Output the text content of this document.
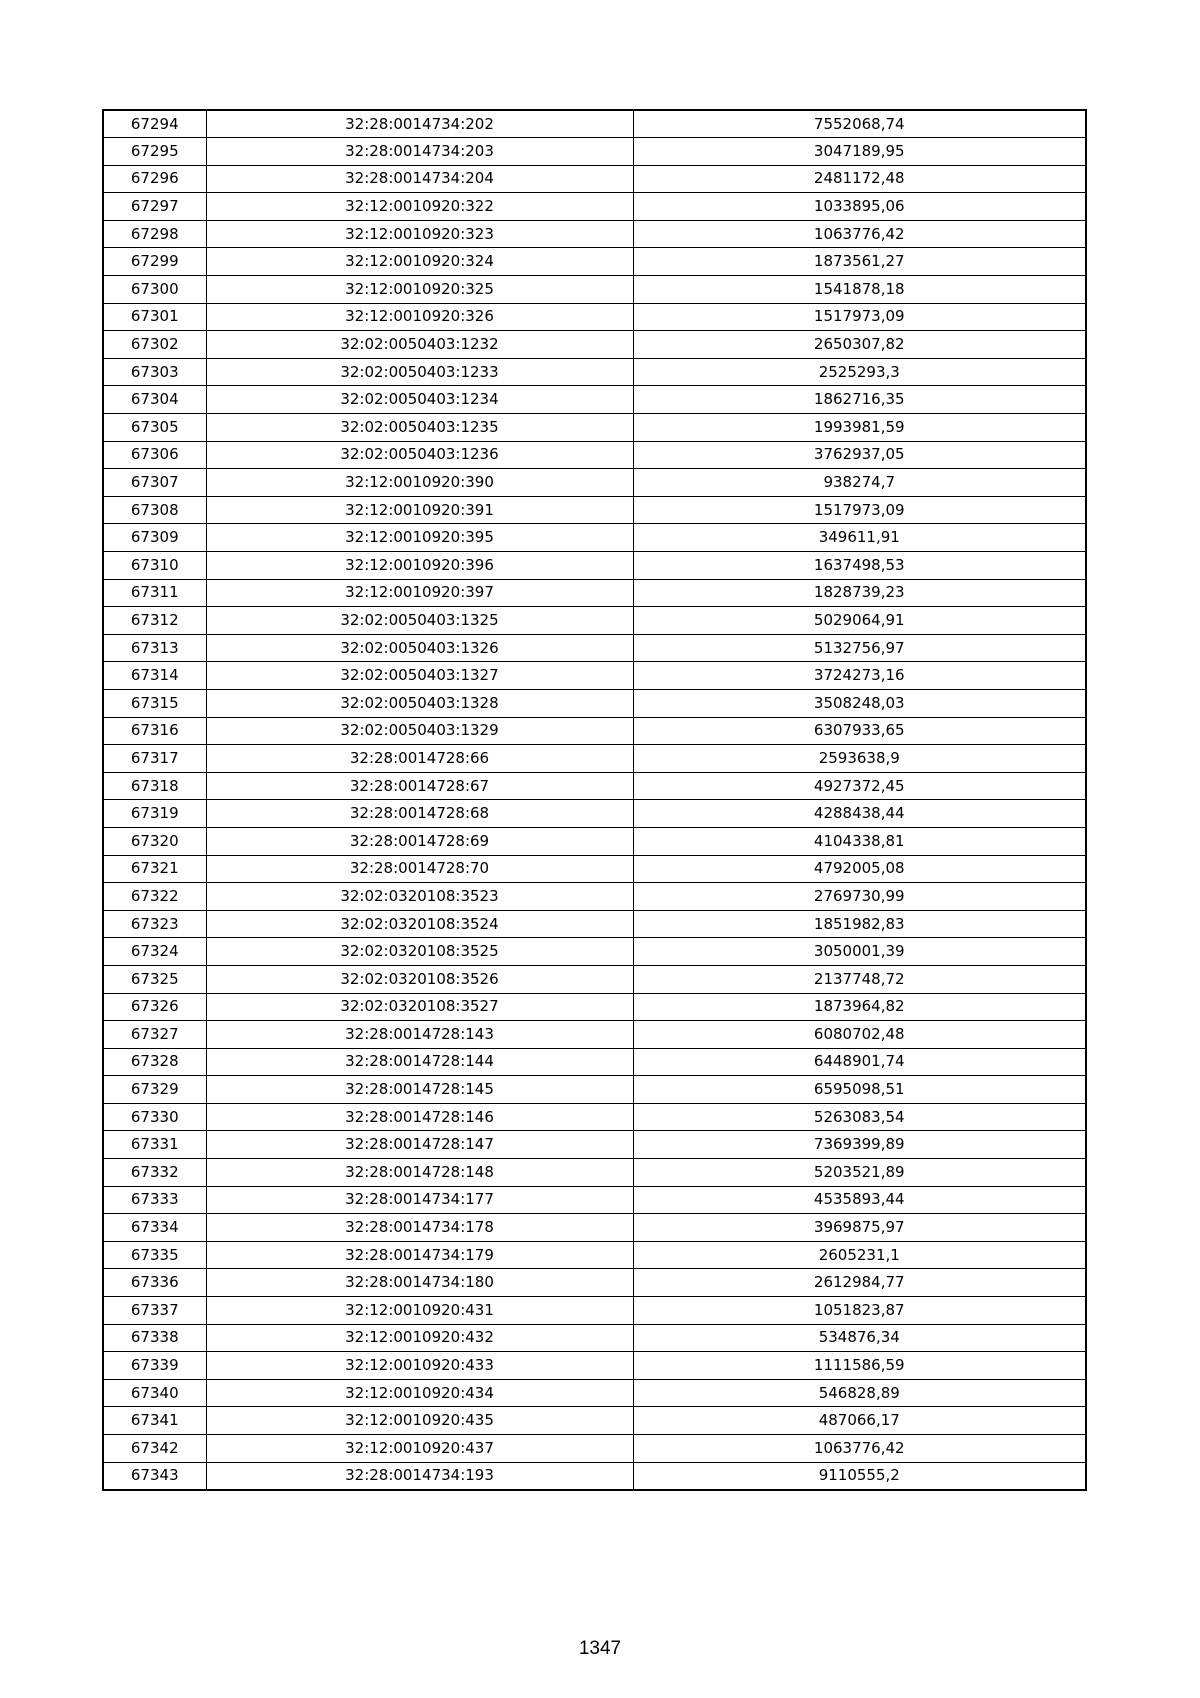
67294	32:28:0014734:202	7552068,74
67295	32:28:0014734:203	3047189,95
67296	32:28:0014734:204	2481172,48
67297	32:12:0010920:322	1033895,06
67298	32:12:0010920:323	1063776,42
67299	32:12:0010920:324	1873561,27
67300	32:12:0010920:325	1541878,18
67301	32:12:0010920:326	1517973,09
67302	32:02:0050403:1232	2650307,82
67303	32:02:0050403:1233	2525293,3
67304	32:02:0050403:1234	1862716,35
67305	32:02:0050403:1235	1993981,59
67306	32:02:0050403:1236	3762937,05
67307	32:12:0010920:390	938274,7
67308	32:12:0010920:391	1517973,09
67309	32:12:0010920:395	349611,91
67310	32:12:0010920:396	1637498,53
67311	32:12:0010920:397	1828739,23
67312	32:02:0050403:1325	5029064,91
67313	32:02:0050403:1326	5132756,97
67314	32:02:0050403:1327	3724273,16
67315	32:02:0050403:1328	3508248,03
67316	32:02:0050403:1329	6307933,65
67317	32:28:0014728:66	2593638,9
67318	32:28:0014728:67	4927372,45
67319	32:28:0014728:68	4288438,44
67320	32:28:0014728:69	4104338,81
67321	32:28:0014728:70	4792005,08
67322	32:02:0320108:3523	2769730,99
67323	32:02:0320108:3524	1851982,83
67324	32:02:0320108:3525	3050001,39
67325	32:02:0320108:3526	2137748,72
67326	32:02:0320108:3527	1873964,82
67327	32:28:0014728:143	6080702,48
67328	32:28:0014728:144	6448901,74
67329	32:28:0014728:145	6595098,51
67330	32:28:0014728:146	5263083,54
67331	32:28:0014728:147	7369399,89
67332	32:28:0014728:148	5203521,89
67333	32:28:0014734:177	4535893,44
67334	32:28:0014734:178	3969875,97
67335	32:28:0014734:179	2605231,1
67336	32:28:0014734:180	2612984,77
67337	32:12:0010920:431	1051823,87
67338	32:12:0010920:432	534876,34
67339	32:12:0010920:433	1111586,59
67340	32:12:0010920:434	546828,89
67341	32:12:0010920:435	487066,17
67342	32:12:0010920:437	1063776,42
67343	32:28:0014734:193	9110555,2
1347
